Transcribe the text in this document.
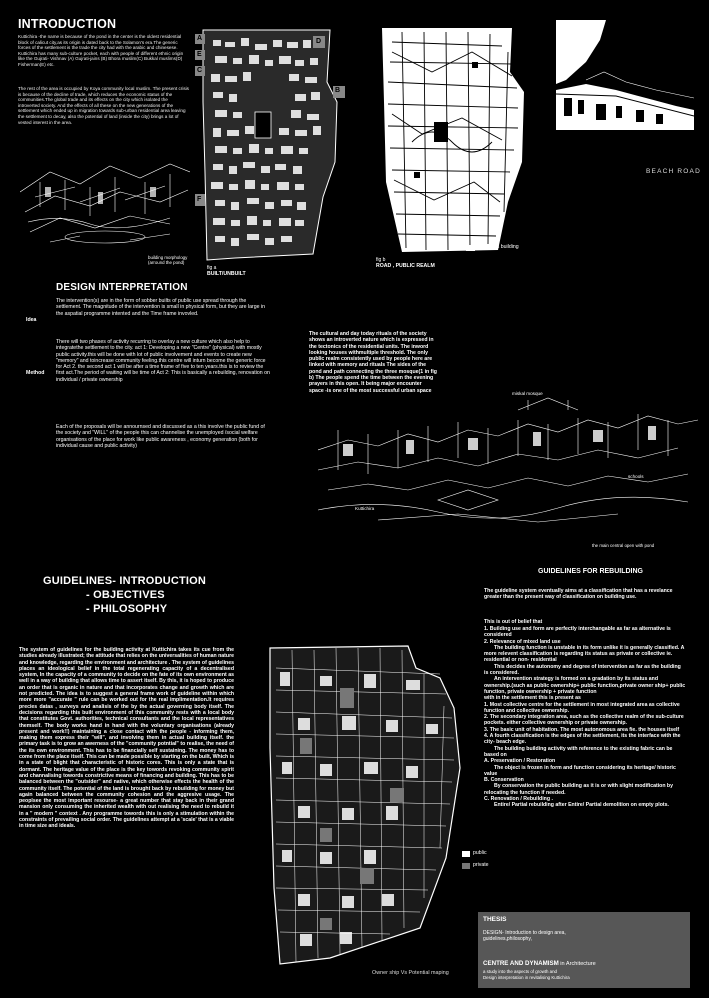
INTRODUCTION

Kuttichira -the name is because of the pond in the center is the oldest residential block of calicut city,as its origin is dated back to the Solamon's era.The generic forces of the settlement is the trade the city had with the arabic and chinesese. Kuttichira has many sub-culture pocket, each with people of different ethnic origin like the Gujrati- Vishnav (A) Gujrati-jains (B) Bhora muslim(C) Bukkal muslims(D) Fisherman(E) etc.

The rest of the area is occupied by Koya community local muslim. The present crisis is because of the decline of trade, which reduces the economic status of the communities.The global trade and its effects on the city which isolated the introverted society. And the effects of all these on the new generations of the settlement which ended up in migration towards sub-urban residential area leaving the settlement to decay, also the potential of land (inside the city) brings a lot of vested interest in the area.

building morphology (arround the pond)
A
B
C
D
E
F
fig a
BUILT/UNBUILT
Religious building
fig b
ROAD , PUBLIC REALM
BEACH ROAD
DESIGN INTERPRETATION
Idea

The intervention(s) are in the form of sobber builts of public use spread through the settlement. The magnitude of the intervention is small in physical form, but they are large in the aspatial programme intented and the Time frame invovled.

Method

There will two phases of activity recurring to overlay a new culture which also help to integratethe settlement to the city. act 1: Developing a new "Centre" (physical) with mostly public activity.this will be done with lot of public involvement and events to create new "memory" and toincrease community feeling.this centre will inturn become the generic force for Act 2. the second act 1 will be after a time frame of five to ten years.this is to review the first act.The period of waiting will be time of Act 2: This is basically a rebuilding, renovation on individual / private ownership

Each of the proposals will be annournsed and discussed as a this involve the public fund of the society and "WILL" of the people this can channelise the unemployed /social welfare organisations of the place for work like public awareness , economy generation (both for individual cause and public activity)

The cultural and day today rituals of the society shows an introverted nature which is expressed in the tectonics of the residential units. The inword looking houses withmultiple threshold. The only public realm consistently used by people here are linked with memory and rituals The sides of the pond and path connecting the three mosque(1 in fig b) The people spend the time between the evening prayers in this open. It being major encounter space -is one of the most successful urban space	miskal mosque
Kuttichira
schools
the main central open with pond
GUIDELINES FOR REBUILDING

The guideline system eventually aims at a classification that has a revelance greater than the present way of classification on building use.

This is out of belief that
1. Building use and form are perfectly interchangable as far as alternative is considered
2. Relevance of mixed land use
The building function is unstable in its form unlike it is generally classified. A more relevent classification is regarding its status as private or collective ie. residential or non- residential
This decides the autonomy and degree of intervention as far as the building is considered.
An intervention strategy is formed on a gradation by its status and ownership.(such as public ownership+ public function,private owner ship+ public function, private ownership + private function
with in the settlement this is present as
1. Most collective centre for the settlement in most integrated area as collective function and collective ownership.
2. The secondary integration area, such as the collective realm of the sub-culture pockets. either collective ownership or private ownership.
3. The basic unit of habitation. The most autonomous area fie. the houses itself
4. A fourth classification is the edges of the settlement, its the interface with the city- beach edge.
The building building activity with reference to the existing fabric can be based on
A. Preservation / Restoration
The object is frozen in form and function considering its heritage/ historic value
B. Conservation
By conservation the public building as it is or with slight modification by relocating the function if needed.
C. Renovation / Rebuilding .
Entire/ Partial rebuilding after Entire/ Partial demolition on empty plots.
GUIDELINES- INTRODUCTION
- OBJECTIVES
- PHILOSOPHY

The system of guidelines for the building activity at Kuttichira takes its cue from the studies already illustrated; the attitude that relies on the universalities of human nature and knowledge, regarding the environment and architecture . The system of guidelines places an ideological belief in the total regenerating capacity of a decentralised system, In the capacity of a community to decide on the fate of its own environment as well in a way of building that allows time to assert itself. By this, it is hoped to produce an order that is organic in nature and that incorporates change and growth which are not predicted. The idea is to suggest a general frame work of guideline within which more more "accurate " rule can be worked out for the real implimentation.It requires precies datas , surveys and analisis of the by the actual governing body itself. The decisions regarding this built environment of this community rests with a local body that constitutes Govt. authorities, technical consultants and the local representatives themself. The body works hand in hand with the voluntary organisations (already present and work!!) maintaining a close contact with the people - informing them, making them express their "will", and involving them in actual building itself. the primary task is to grow an awerness of the "community potntial" to realise, the need of the its own environment. This has to be financially self sustaining. The money has to come from the place itself. This can be made possible by starting on the built, Which is in a state of blight that characteristic of historic cores. This is only a state that is dormant. The heritage value of the place is the key towords revoking community spirit and channalising towords constrictive means of financing and building. This has to be balanced between the "outsider" and native, which otherwise effects the health of the community itself. The potential of the land is brought back by rebuilding for money but again balanced between the community cohesion and the aggresive usage. The peoplsee the most important resourse- a great number that stay back in their grand mansion only consuming the inherited wealth with out realising the need to rebuild it in a " modern " context . Any programme towords this is only a stimulation within the constraints of prevailing social order. The guidelines attempt at a 'scale' that is a viable in time size and ideals.

public
private
Owner ship Vs Potential maping
THESIS
DESIGN- Introduction to design area, guidelines,philosophy,
CENTRE AND DYNAMISM in Architecture
a study into the aspects of growth and
Design interpretation in revitalising Kuttichira
